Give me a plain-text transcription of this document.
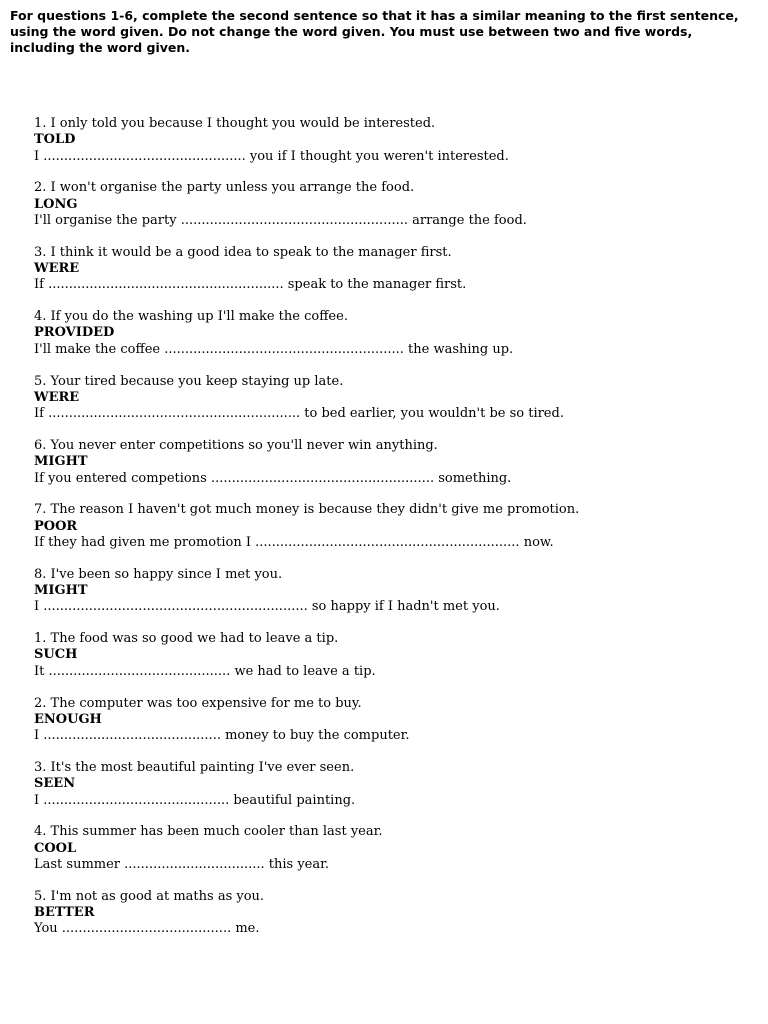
For questions 1-6, complete the second sentence so that it has a similar meaning to the first sentence, using the word given. Do not change the word given. You must use between two and five words, including the word given.

1. I only told you because I thought you would be interested.
TOLD
I ................................................. you if I thought you weren't interested.
2. I won't organise the party unless you arrange the food.
LONG
I'll organise the party ....................................................... arrange the food.
3. I think it would be a good idea to speak to the manager first.
WERE
If ......................................................... speak to the manager first.
4. If you do the washing up I'll make the coffee.
PROVIDED
I'll make the coffee .......................................................... the washing up.
5. Your tired because you keep staying up late.
WERE
If ............................................................. to bed earlier, you wouldn't be so tired.
6. You never enter competitions so you'll never win anything.
MIGHT
If you entered competions ...................................................... something.
7. The reason I haven't got much money is because they didn't give me promotion.
POOR
If they had given me promotion I ................................................................ now.
8. I've been so happy since I met you.
MIGHT
I ................................................................ so happy if I hadn't met you.
1. The food was so good we had to leave a tip.
SUCH
It ............................................ we had to leave a tip.
2. The computer was too expensive for me to buy.
ENOUGH
I ........................................... money to buy the computer.
3. It's the most beautiful painting I've ever seen.
SEEN
I ............................................. beautiful painting.
4. This summer has been much cooler than last year.
COOL
Last summer .................................. this year.
5. I'm not as good at maths as you.
BETTER
You ......................................... me.
